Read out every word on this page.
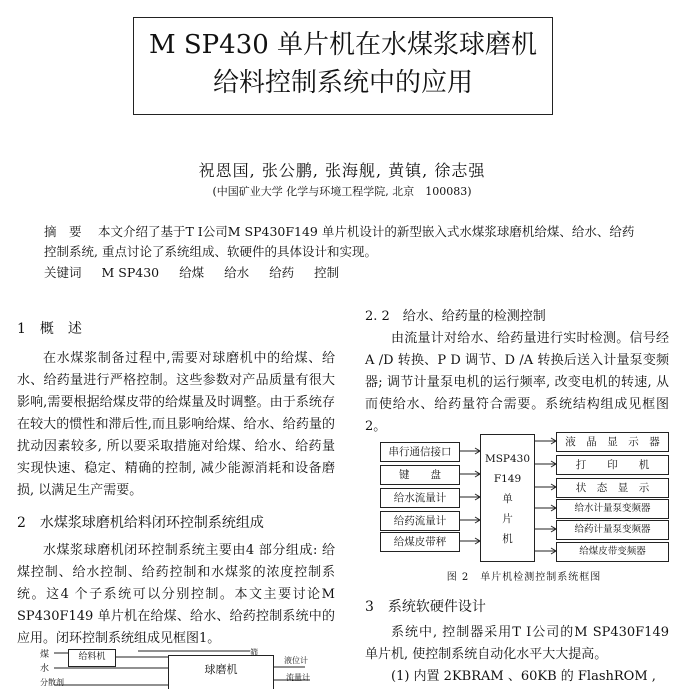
M SP430 单片机在水煤浆球磨机
给料控制系统中的应用
祝恩国, 张公鹏, 张海舰, 黄镇, 徐志强
(中国矿业大学 化学与环境工程学院, 北京　100083)
摘　要　 本文介绍了基于T I公司M SP430F149 单片机设计的新型嵌入式水煤浆球磨机给煤、给水、给药控制系统, 重点讨论了系统组成、软硬件的具体设计和实现。
关键词 M SP430 给煤 给水 给药 控制
1　概　述
在水煤浆制备过程中,需要对球磨机中的给煤、给水、给药量进行严格控制。这些参数对产品质量有很大影响,需要根据给煤皮带的给煤量及时调整。由于系统存在较大的惯性和滞后性,而且影响给煤、给水、给药量的扰动因素较多, 所以要采取措施对给煤、给水、给药量实现快速、稳定、精确的控制, 减少能源消耗和设备磨损, 以满足生产需要。
2　水煤浆球磨机给料闭环控制系统组成
水煤浆球磨机闭环控制系统主要由4 部分组成: 给煤控制、给水控制、给药控制和水煤浆的浓度控制系统。这4 个子系统可以分别控制。本文主要讨论M SP430F149 单片机在给煤、给水、给药控制系统中的应用。闭环控制系统组成见框图1。
煤
水
分散剂
给料机
球磨机
筛
液位计
流量计
2. 2　给水、给药量的检测控制
由流量计对给水、给药量进行实时检测。信号经A /D 转换、P D 调节、D /A 转换后送入计量泵变频器; 调节计量泵电机的运行频率, 改变电机的转速, 从而使给水、给药量符合需要。系统结构组成见框图2。
串行通信接口
键　　盘
给水流量计
给药流量计
给煤皮带秤
MSP430
F149
单
片
机
液　晶　显　示　器
打　　印　　机
状　态　显　示
给水计量泵变频器
给药计量泵变频器
给煤皮带变频器
图 2　单片机检测控制系统框图
3　系统软硬件设计
系统中, 控制器采用T I公司的M SP430F149 单片机, 使控制系统自动化水平大大提高。
(1) 内置 2KBRAM 、60KB 的 FlashROM ,
